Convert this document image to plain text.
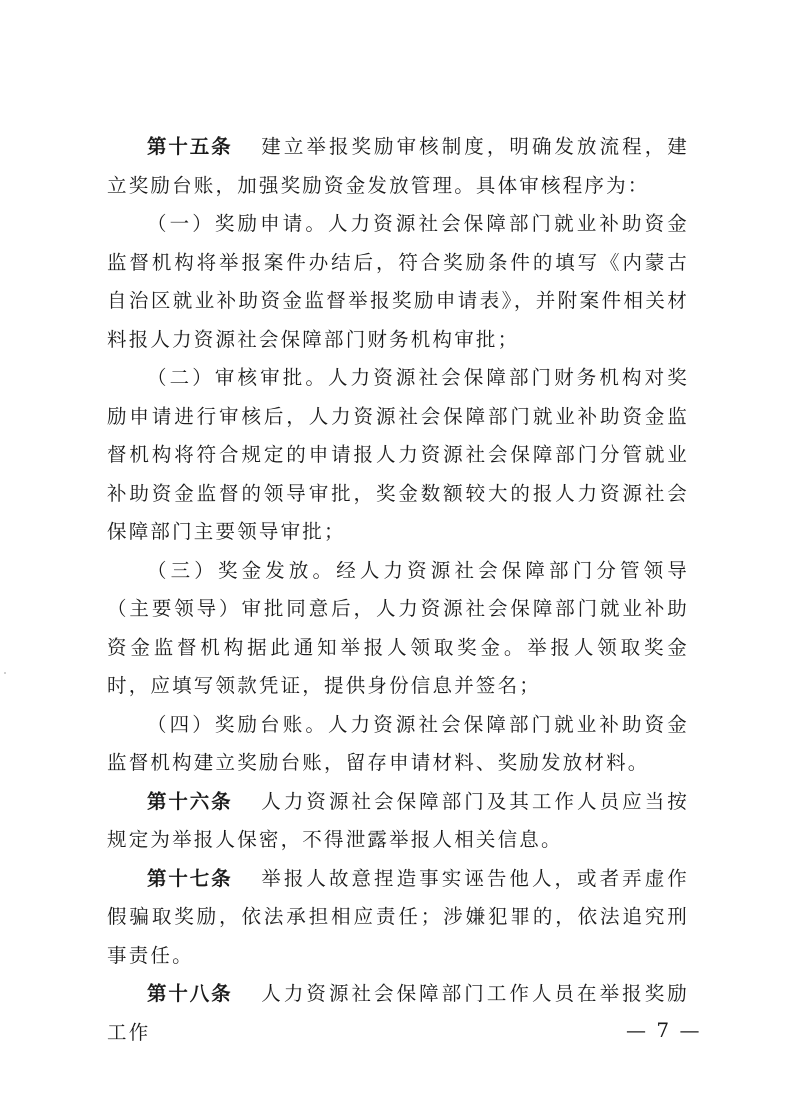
第十五条 建立举报奖励审核制度，明确发放流程，建立奖励台账，加强奖励资金发放管理。具体审核程序为：

（一）奖励申请。人力资源社会保障部门就业补助资金监督机构将举报案件办结后，符合奖励条件的填写《内蒙古自治区就业补助资金监督举报奖励申请表》，并附案件相关材料报人力资源社会保障部门财务机构审批；

（二）审核审批。人力资源社会保障部门财务机构对奖励申请进行审核后，人力资源社会保障部门就业补助资金监督机构将符合规定的申请报人力资源社会保障部门分管就业补助资金监督的领导审批，奖金数额较大的报人力资源社会保障部门主要领导审批；

（三）奖金发放。经人力资源社会保障部门分管领导（主要领导）审批同意后，人力资源社会保障部门就业补助资金监督机构据此通知举报人领取奖金。举报人领取奖金时，应填写领款凭证，提供身份信息并签名；

（四）奖励台账。人力资源社会保障部门就业补助资金监督机构建立奖励台账，留存申请材料、奖励发放材料。

第十六条 人力资源社会保障部门及其工作人员应当按规定为举报人保密，不得泄露举报人相关信息。

第十七条 举报人故意捏造事实诬告他人，或者弄虚作假骗取奖励，依法承担相应责任；涉嫌犯罪的，依法追究刑事责任。

第十八条 人力资源社会保障部门工作人员在举报奖励工作	— 7 —
